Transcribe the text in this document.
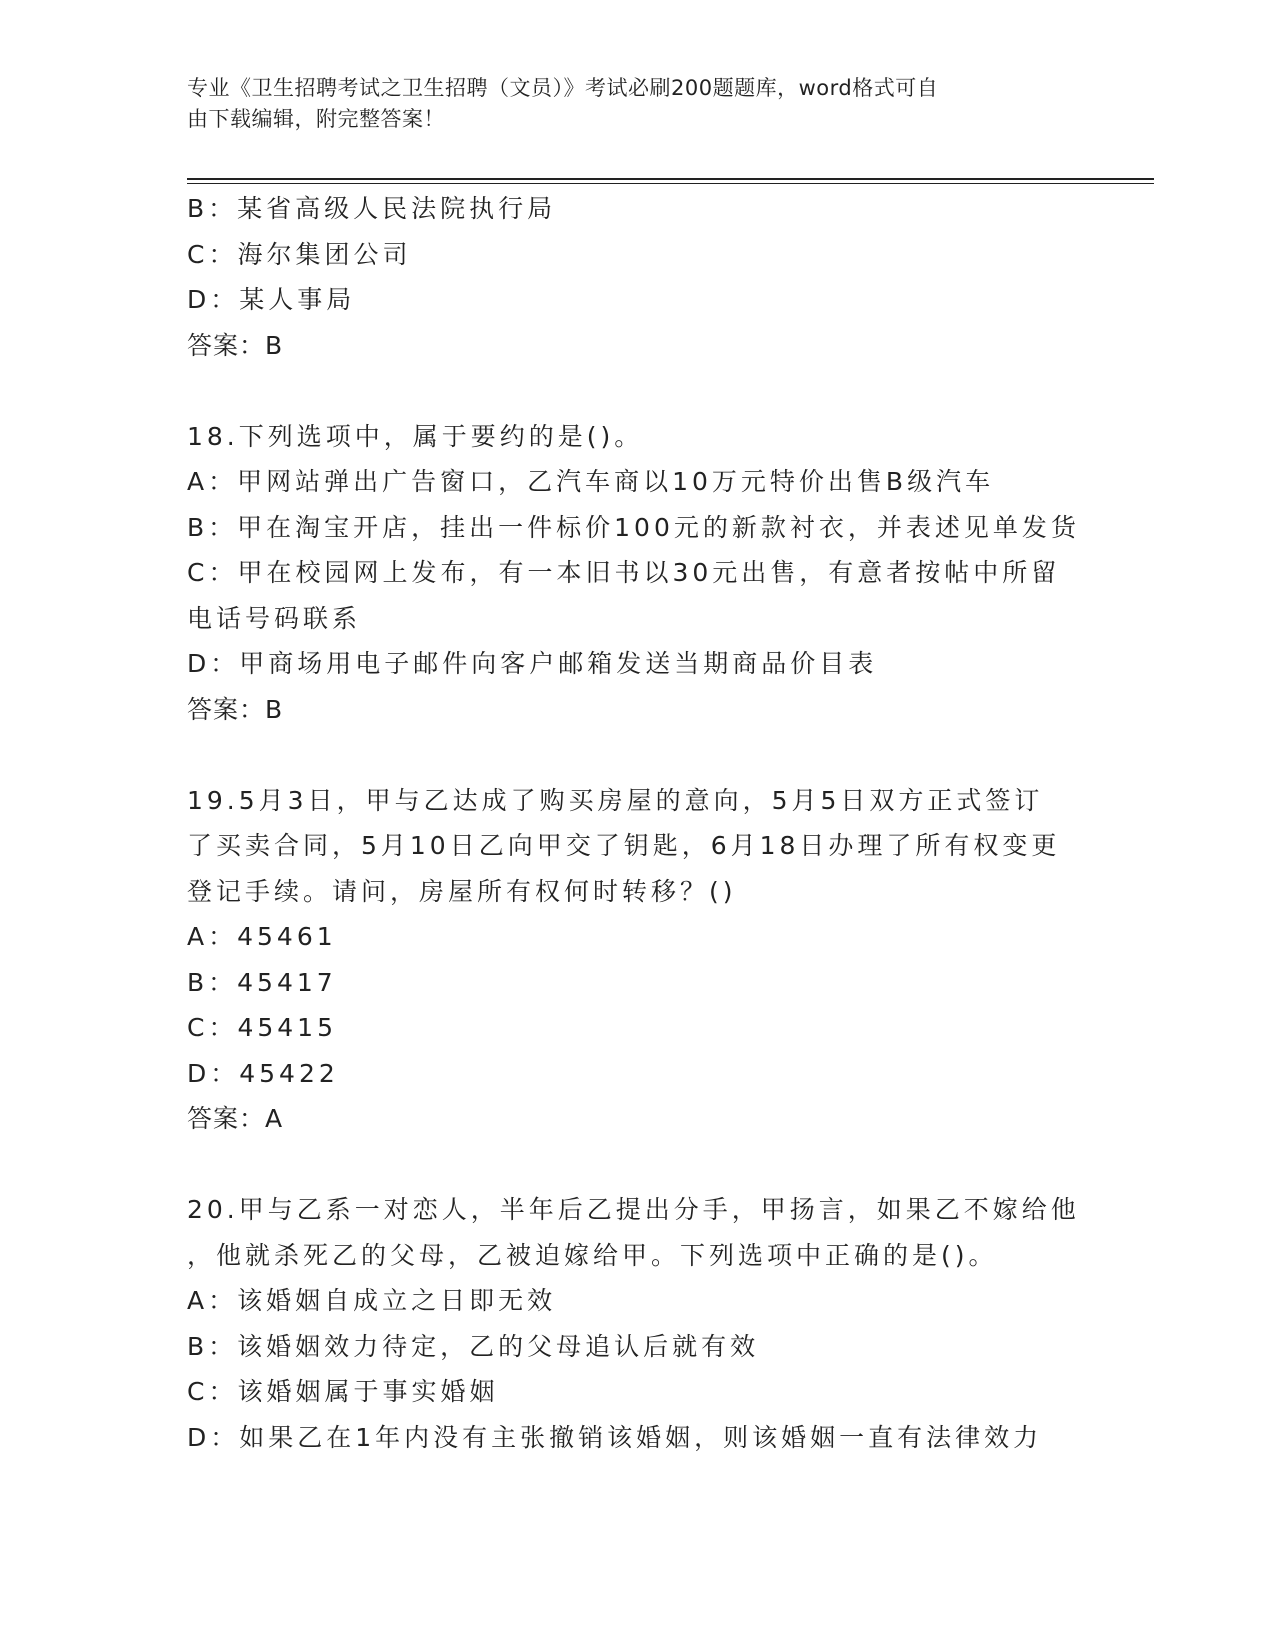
专业《卫生招聘考试之卫生招聘（文员）》考试必刷200题题库，word格式可自
由下载编辑，附完整答案！

B：某省高级人民法院执行局

C：海尔集团公司

D：某人事局

答案：B

18.下列选项中，属于要约的是()。

A：甲网站弹出广告窗口，乙汽车商以10万元特价出售B级汽车

B：甲在淘宝开店，挂出一件标价100元的新款衬衣，并表述见单发货

C：甲在校园网上发布，有一本旧书以30元出售，有意者按帖中所留

电话号码联系

D：甲商场用电子邮件向客户邮箱发送当期商品价目表

答案：B

19.5月3日，甲与乙达成了购买房屋的意向，5月5日双方正式签订

了买卖合同，5月10日乙向甲交了钥匙，6月18日办理了所有权变更

登记手续。请问，房屋所有权何时转移？()

A：45461

B：45417

C：45415

D：45422

答案：A

20.甲与乙系一对恋人，半年后乙提出分手，甲扬言，如果乙不嫁给他

，他就杀死乙的父母，乙被迫嫁给甲。下列选项中正确的是()。

A：该婚姻自成立之日即无效

B：该婚姻效力待定，乙的父母追认后就有效

C：该婚姻属于事实婚姻

D：如果乙在1年内没有主张撤销该婚姻，则该婚姻一直有法律效力
